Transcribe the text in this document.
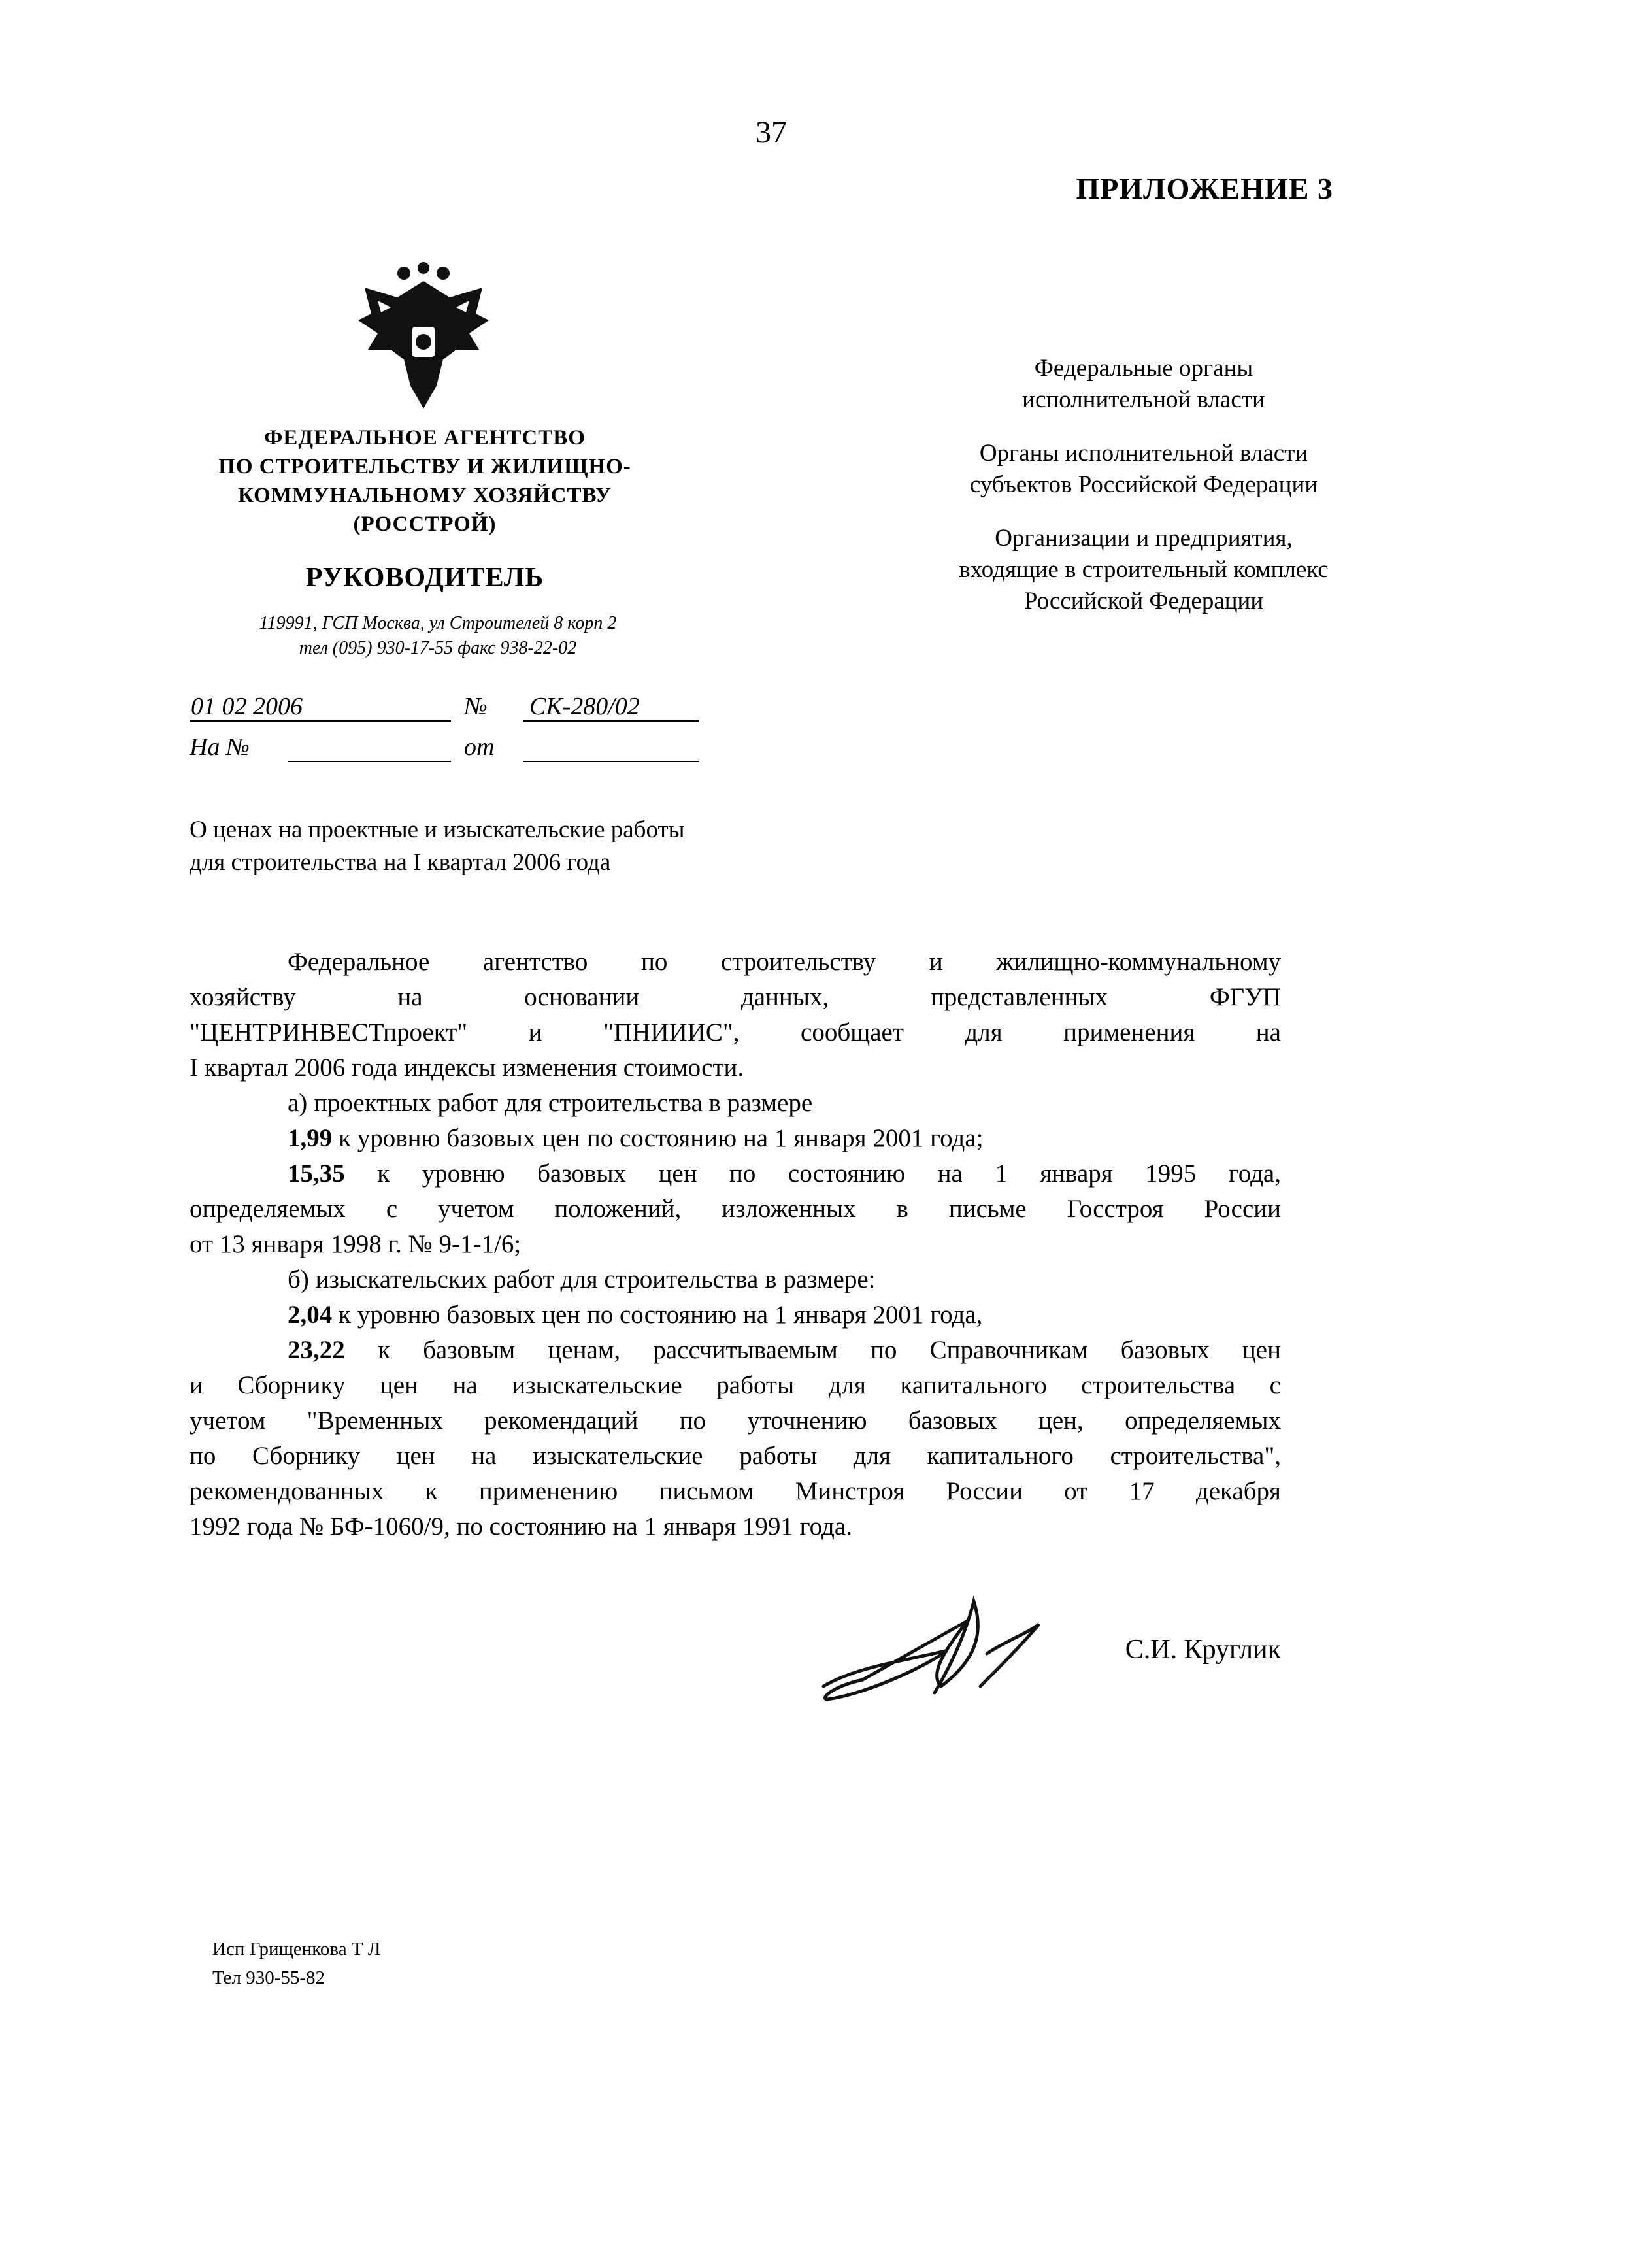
37
ПРИЛОЖЕНИЕ 3
ФЕДЕРАЛЬНОЕ АГЕНТСТВО
ПО СТРОИТЕЛЬСТВУ И ЖИЛИЩНО-
КОММУНАЛЬНОМУ ХОЗЯЙСТВУ
(РОССТРОЙ)
РУКОВОДИТЕЛЬ
119991, ГСП Москва, ул Строителей 8 корп 2
тел (095) 930-17-55 факс 938-22-02
01 02 2006	№	СК-280/02
На №	от
Федеральные органы
исполнительной власти
Органы исполнительной власти
субъектов Российской Федерации
Организации и предприятия,
входящие в строительный комплекс
Российской Федерации
О ценах на проектные и изыскательские работы
для строительства на I квартал 2006 года

Федеральное агентство по строительству и жилищно-коммунальному

хозяйству на основании данных, представленных ФГУП

"ЦЕНТРИНВЕСТпроект" и "ПНИИИС", сообщает для применения на

I квартал 2006 года индексы изменения стоимости.

а) проектных работ для строительства в размере

1,99 к уровню базовых цен по состоянию на 1 января 2001 года;

15,35 к уровню базовых цен по состоянию на 1 января 1995 года,

определяемых с учетом положений, изложенных в письме Госстроя России

от 13 января 1998 г. № 9-1-1/6;

б) изыскательских работ для строительства в размере:

2,04 к уровню базовых цен по состоянию на 1 января 2001 года,

23,22 к базовым ценам, рассчитываемым по Справочникам базовых цен

и Сборнику цен на изыскательские работы для капитального строительства с

учетом "Временных рекомендаций по уточнению базовых цен, определяемых

по Сборнику цен на изыскательские работы для капитального строительства",

рекомендованных к применению письмом Минстроя России от 17 декабря

1992 года № БФ-1060/9, по состоянию на 1 января 1991 года.

С.И. Круглик
Исп Грищенкова Т Л
Тел 930-55-82
